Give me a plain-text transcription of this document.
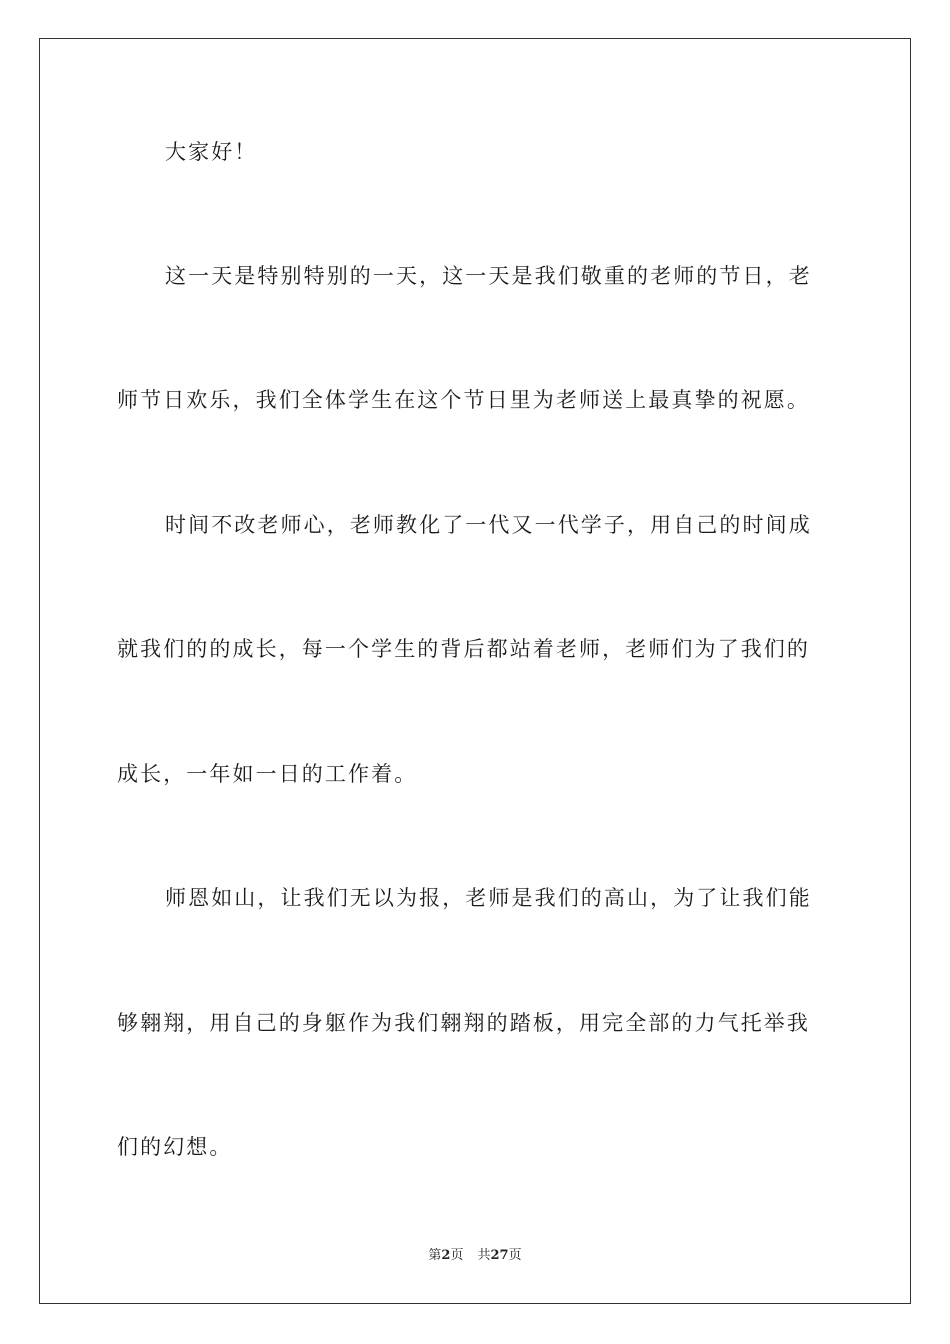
大家好！
这一天是特别特别的一天，这一天是我们敬重的老师的节日，老
师节日欢乐，我们全体学生在这个节日里为老师送上最真挚的祝愿。
时间不改老师心，老师教化了一代又一代学子，用自己的时间成
就我们的的成长，每一个学生的背后都站着老师，老师们为了我们的
成长，一年如一日的工作着。
师恩如山，让我们无以为报，老师是我们的高山，为了让我们能
够翱翔，用自己的身躯作为我们翱翔的踏板，用完全部的力气托举我
们的幻想。
第2页 共27页
